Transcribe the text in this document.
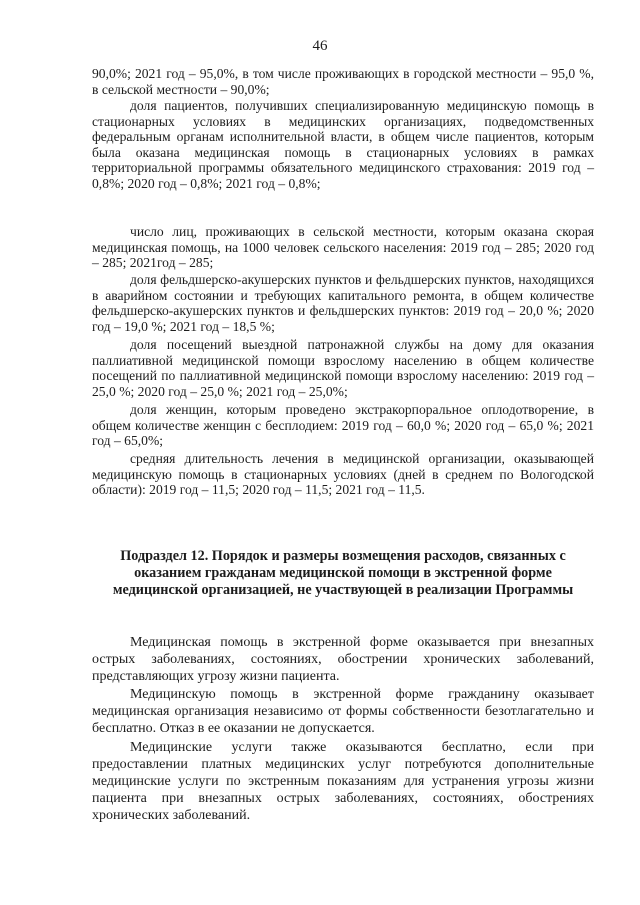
46

90,0%; 2021 год – 95,0%, в том числе проживающих в городской местности – 95,0 %, в сельской местности – 90,0%;

доля пациентов, получивших специализированную медицинскую помощь в стационарных условиях в медицинских организациях, подведомственных федеральным органам исполнительной власти, в общем числе пациентов, которым была оказана медицинская помощь в стационарных условиях в рамках территориальной программы обязательного медицинского страхования: 2019 год – 0,8%; 2020 год – 0,8%; 2021 год – 0,8%;

число лиц, проживающих в сельской местности, которым оказана скорая медицинская помощь, на 1000 человек сельского населения: 2019 год – 285; 2020 год – 285; 2021год – 285;

доля фельдшерско-акушерских пунктов и фельдшерских пунктов, находящихся в аварийном состоянии и требующих капитального ремонта, в общем количестве фельдшерско-акушерских пунктов и фельдшерских пунктов: 2019 год – 20,0 %; 2020 год – 19,0 %; 2021 год – 18,5 %;

доля посещений выездной патронажной службы на дому для оказания паллиативной медицинской помощи взрослому населению в общем количестве посещений по паллиативной медицинской помощи взрослому населению: 2019 год – 25,0 %; 2020 год – 25,0 %; 2021 год – 25,0%;

доля женщин, которым проведено экстракорпоральное оплодотворение, в общем количестве женщин с бесплодием: 2019 год – 60,0 %; 2020 год – 65,0 %; 2021 год – 65,0%;

средняя длительность лечения в медицинской организации, оказывающей медицинскую помощь в стационарных условиях (дней в среднем по Вологодской области): 2019 год – 11,5; 2020 год – 11,5; 2021 год – 11,5.

Подраздел 12. Порядок и размеры возмещения расходов, связанных с оказанием гражданам медицинской помощи в экстренной форме медицинской организацией, не участвующей в реализации Программы

Медицинская помощь в экстренной форме оказывается при внезапных острых заболеваниях, состояниях, обострении хронических заболеваний, представляющих угрозу жизни пациента.

Медицинскую помощь в экстренной форме гражданину оказывает медицинская организация независимо от формы собственности безотлагательно и бесплатно. Отказ в ее оказании не допускается.

Медицинские услуги также оказываются бесплатно, если при предоставлении платных медицинских услуг потребуются дополнительные медицинские услуги по экстренным показаниям для устранения угрозы жизни пациента при внезапных острых заболеваниях, состояниях, обострениях хронических заболеваний.
